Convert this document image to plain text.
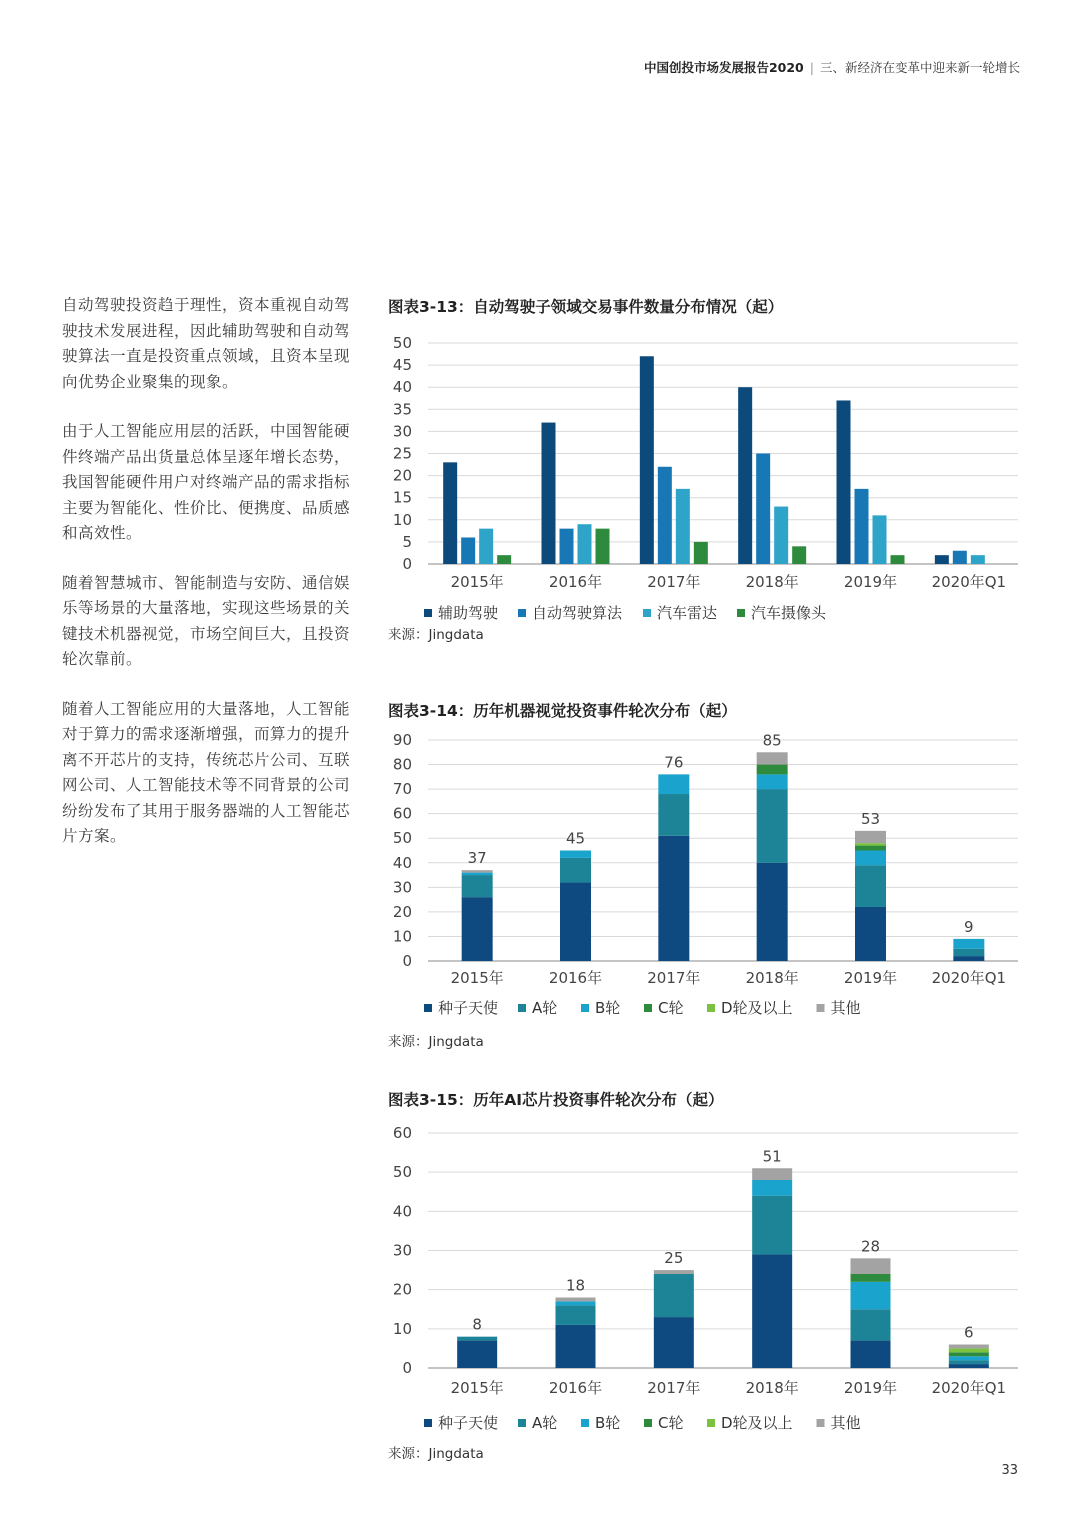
中国创投市场发展报告2020 | 三、新经济在变革中迎来新一轮增长

自动驾驶投资趋于理性，资本重视自动驾驶技术发展进程，因此辅助驾驶和自动驾驶算法一直是投资重点领域，且资本呈现向优势企业聚集的现象。

由于人工智能应用层的活跃，中国智能硬件终端产品出货量总体呈逐年增长态势，我国智能硬件用户对终端产品的需求指标主要为智能化、性价比、便携度、品质感和高效性。

随着智慧城市、智能制造与安防、通信娱乐等场景的大量落地，实现这些场景的关键技术机器视觉，市场空间巨大，且投资轮次靠前。

随着人工智能应用的大量落地，人工智能对于算力的需求逐渐增强，而算力的提升离不开芯片的支持，传统芯片公司、互联网公司、人工智能技术等不同背景的公司纷纷发布了其用于服务器端的人工智能芯片方案。

图表3-13：自动驾驶子领域交易事件数量分布情况（起）
0
5
10
15
20
25
30
35
40
45
50
2015年	2016年	2017年	2018年	2019年 2020年Q1
辅助驾驶 自动驾驶算法 汽车雷达 汽车摄像头
来源：Jingdata
图表3-14：历年机器视觉投资事件轮次分布（起）
0
10
20
30
40
50
60
70
80
90
2015年	2016年	2017年	2018年	2019年 2020年Q1
37
45
76
85
53
9
种子天使 A轮	B轮	C轮	D轮及以上	其他
来源：Jingdata
图表3-15：历年AI芯片投资事件轮次分布（起）
0
10
20
30
40
50
60
2015年	2016年	2017年	2018年	2019年 2020年Q1
8
18
25
51
28
6
种子天使 A轮	B轮	C轮	D轮及以上	其他
来源：Jingdata
33
